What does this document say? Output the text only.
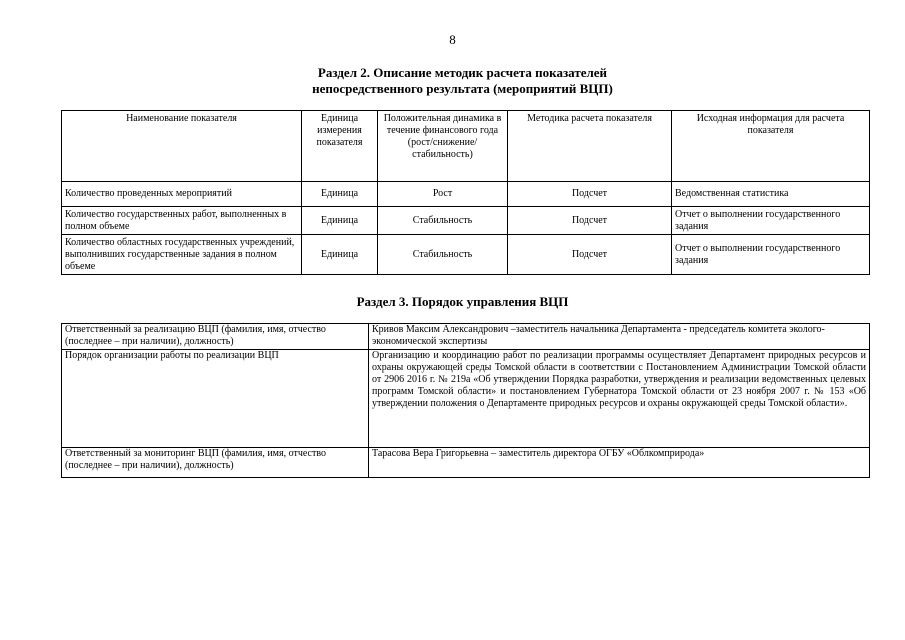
8
Раздел 2. Описание методик расчета показателей
непосредственного результата (мероприятий ВЦП)
Наименование показателя	Единица измерения показателя	Положительная динамика в течение финансового года (рост/снижение/ стабильность)	Методика расчета показателя	Исходная информация для расчета показателя
Количество проведенных мероприятий	Единица	Рост	Подсчет	Ведомственная статистика
Количество государственных работ, выполненных в полном объеме	Единица	Стабильность	Подсчет	Отчет о выполнении государственного задания
Количество областных государственных учреждений, выполнивших государственные задания в полном объеме	Единица	Стабильность	Подсчет	Отчет о выполнении государственного задания
Раздел 3. Порядок управления ВЦП
Ответственный за реализацию ВЦП (фамилия, имя, отчество (последнее – при наличии), должность)	Кривов Максим Александрович –заместитель начальника Департамента - председатель комитета эколого-экономической экспертизы
Порядок организации работы по реализации ВЦП	Организацию и координацию работ по реализации программы осуществляет Департамент природных ресурсов и охраны окружающей среды Томской области в соответствии с Постановлением Администрации Томской области от 2906 2016 г. № 219а «Об утверждении Порядка разработки, утверждения и реализации ведомственных целевых программ Томской области» и постановлением Губернатора Томской области от 23 ноября 2007 г. № 153 «Об утверждении положения о Департаменте природных ресурсов и охраны окружающей среды Томской области».
Ответственный за мониторинг ВЦП (фамилия, имя, отчество (последнее – при наличии), должность)	Тарасова Вера Григорьевна – заместитель директора ОГБУ «Облкомприрода»
